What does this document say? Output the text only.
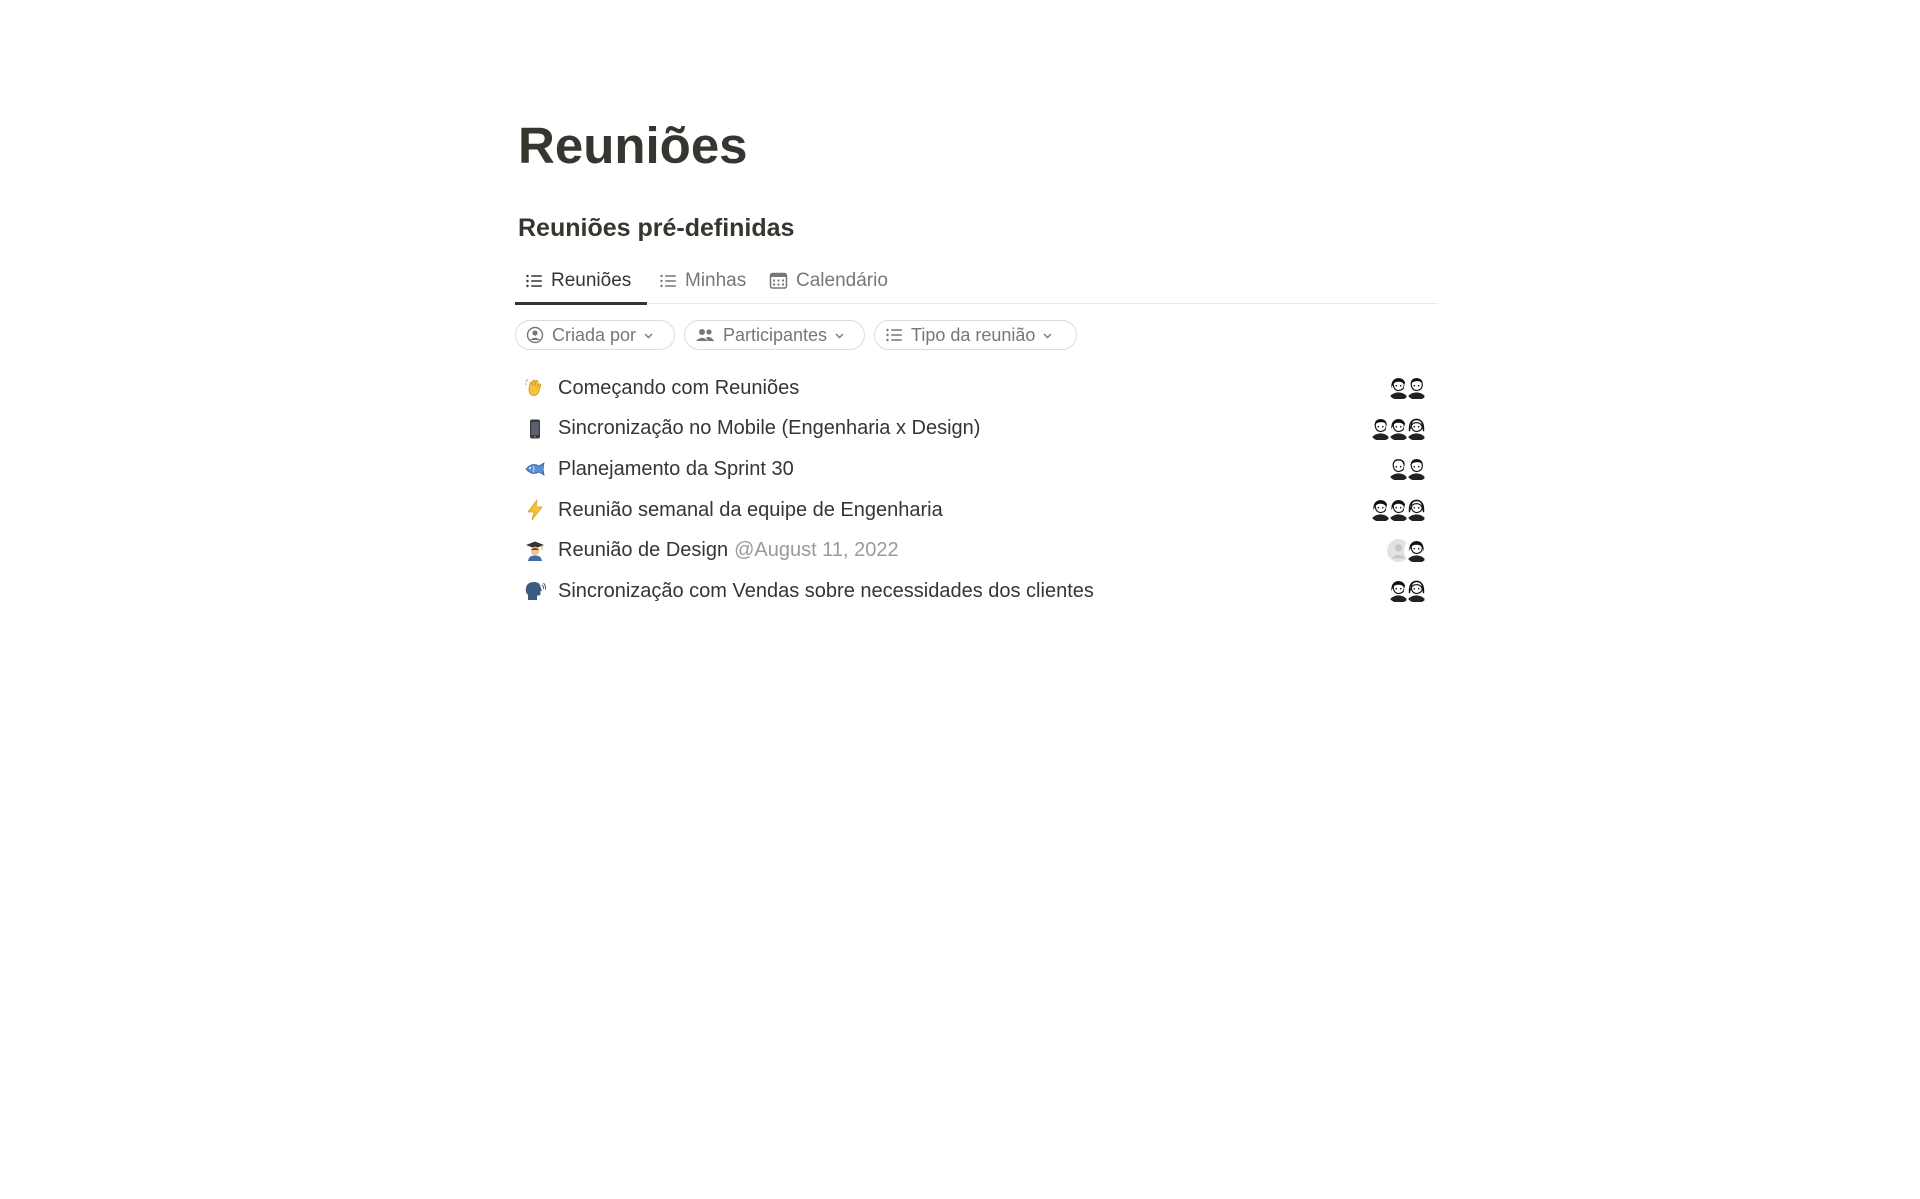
Reuniões
Reuniões pré-definidas
Reuniões	Minhas	Calendário
Criada por	Participantes	Tipo da reunião
Começando com Reuniões
Sincronização no Mobile (Engenharia x Design)
Planejamento da Sprint 30
Reunião semanal da equipe de Engenharia
Reunião de Design @August 11, 2022
Sincronização com Vendas sobre necessidades dos clientes
